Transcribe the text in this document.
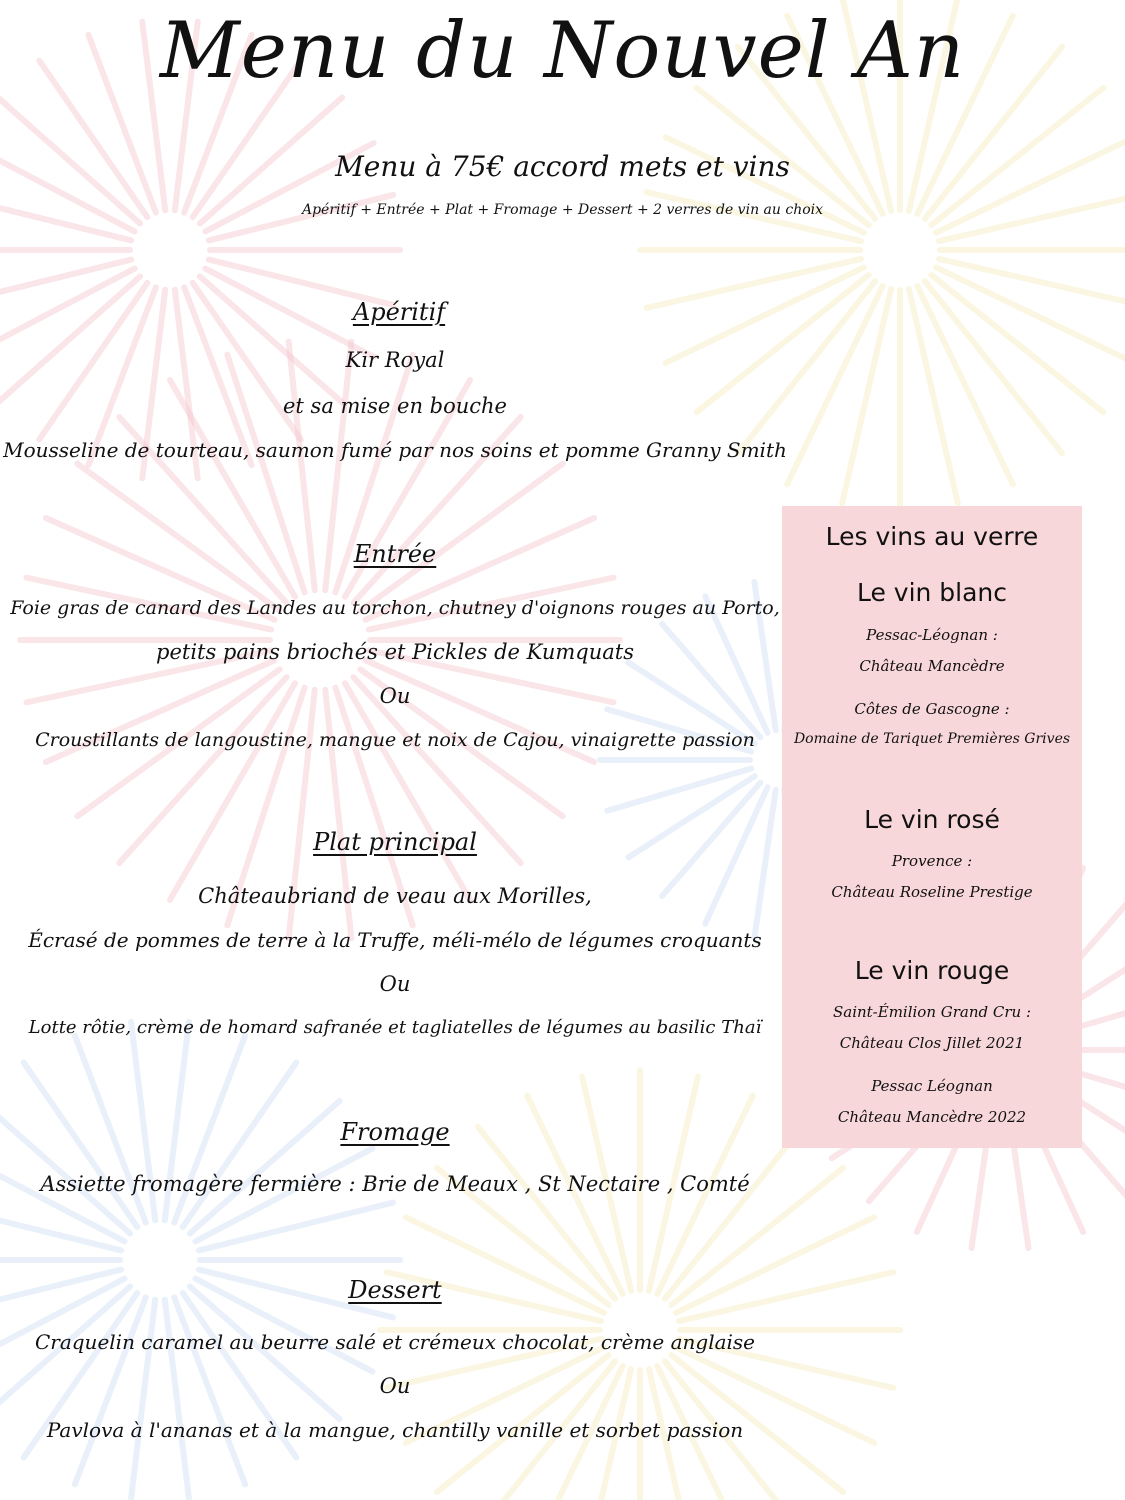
Menu du Nouvel An
Menu à 75€ accord mets et vins
Apéritif + Entrée + Plat + Fromage + Dessert + 2 verres de vin au choix
Apéritif
Kir Royal
et sa mise en bouche
Mousseline de tourteau, saumon fumé par nos soins et pomme Granny Smith
Entrée
Foie gras de canard des Landes au torchon, chutney d'oignons rouges au Porto,
petits pains briochés et Pickles de Kumquats
Ou
Croustillants de langoustine, mangue et noix de Cajou, vinaigrette passion
Plat principal
Châteaubriand de veau aux Morilles,
Écrasé de pommes de terre à la Truffe, méli-mélo de légumes croquants
Ou
Lotte rôtie, crème de homard safranée et tagliatelles de légumes au basilic Thaï
Fromage
Assiette fromagère fermière : Brie de Meaux , St Nectaire , Comté
Dessert
Craquelin caramel au beurre salé et crémeux chocolat, crème anglaise
Ou
Pavlova à l'ananas et à la mangue, chantilly vanille et sorbet passion
Les vins au verre
Le vin blanc
Pessac-Léognan :
Château Mancèdre
Côtes de Gascogne :
Domaine de Tariquet Premières Grives
Le vin rosé
Provence :
Château Roseline Prestige
Le vin rouge
Saint-Émilion Grand Cru :
Château Clos Jillet 2021
Pessac Léognan
Château Mancèdre 2022
